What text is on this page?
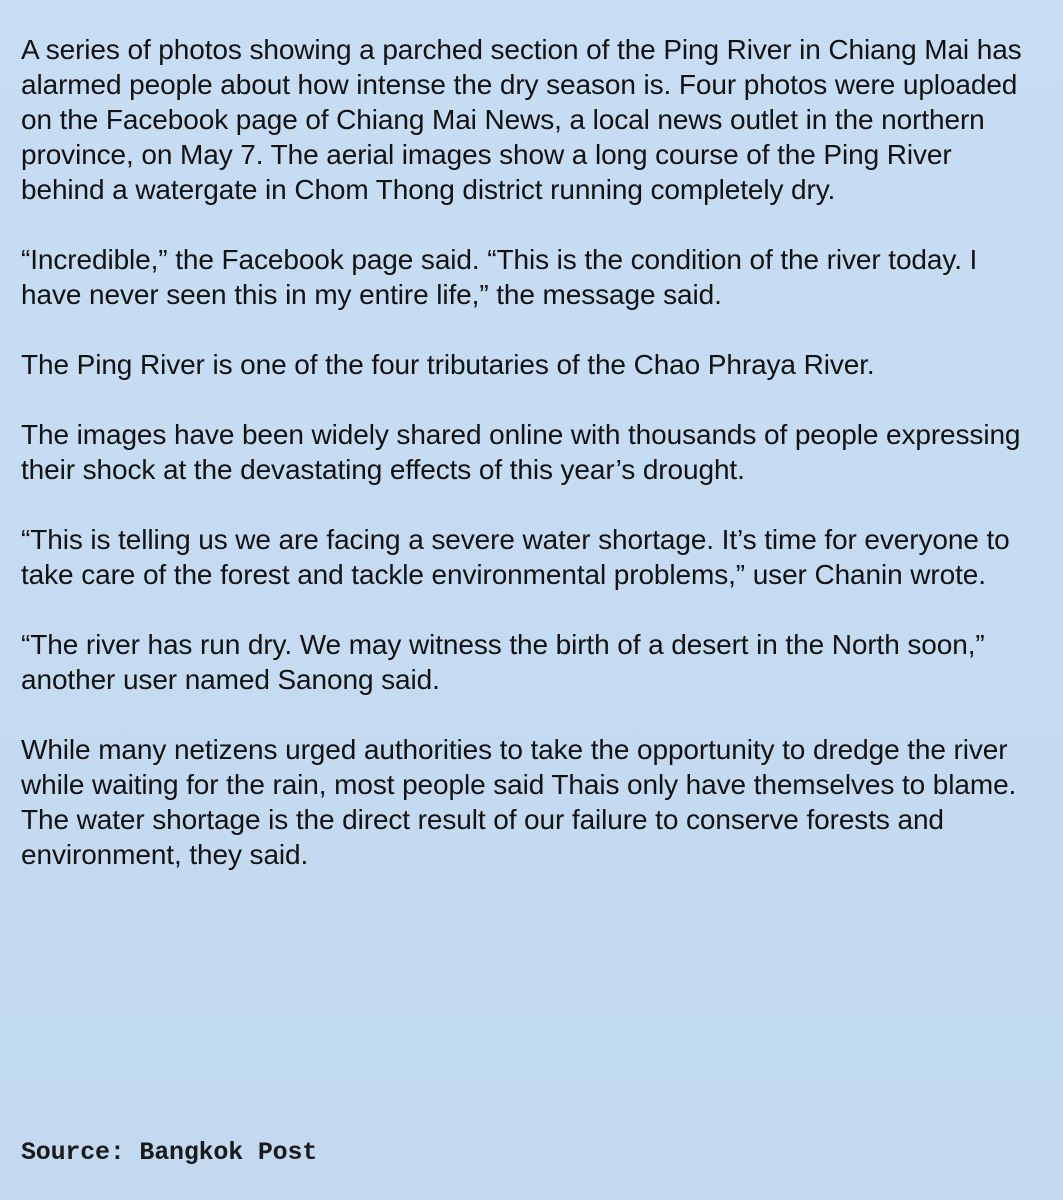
A series of photos showing a parched section of the Ping River in Chiang Mai has alarmed people about how intense the dry season is. Four photos were uploaded on the Facebook page of Chiang Mai News, a local news outlet in the northern province, on May 7. The aerial images show a long course of the Ping River behind a watergate in Chom Thong district running completely dry.

“Incredible,” the Facebook page said. “This is the condition of the river today. I have never seen this in my entire life,” the message said.

The Ping River is one of the four tributaries of the Chao Phraya River.

The images have been widely shared online with thousands of people expressing their shock at the devastating effects of this year’s drought.

“This is telling us we are facing a severe water shortage. It’s time for everyone to take care of the forest and tackle environmental problems,” user Chanin wrote.

“The river has run dry. We may witness the birth of a desert in the North soon,” another user named Sanong said.

While many netizens urged authorities to take the opportunity to dredge the river while waiting for the rain, most people said Thais only have themselves to blame. The water shortage is the direct result of our failure to conserve forests and environment, they said.

Source: Bangkok Post
